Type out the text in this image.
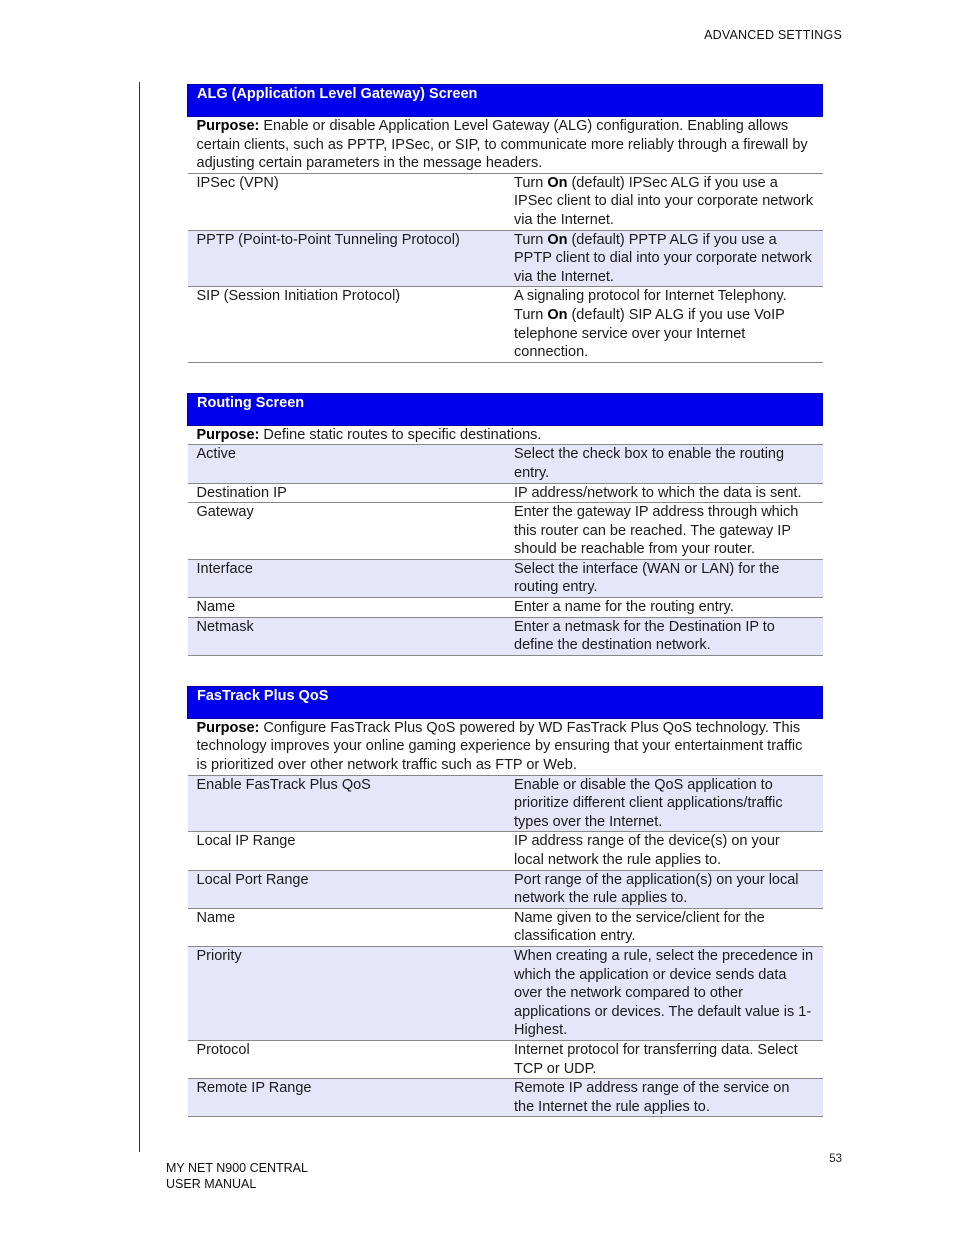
ADVANCED SETTINGS
ALG (Application Level Gateway) Screen	
Purpose: Enable or disable Application Level Gateway (ALG) configuration. Enabling allows certain clients, such as PPTP, IPSec, or SIP, to communicate more reliably through a firewall by adjusting certain parameters in the message headers.	
IPSec (VPN)	Turn On (default) IPSec ALG if you use a IPSec client to dial into your corporate network via the Internet.
PPTP (Point-to-Point Tunneling Protocol)	Turn On (default) PPTP ALG if you use a PPTP client to dial into your corporate network via the Internet.
SIP (Session Initiation Protocol)	A signaling protocol for Internet Telephony. Turn On (default) SIP ALG if you use VoIP telephone service over your Internet connection.
Routing Screen	
Purpose: Define static routes to specific destinations.	
Active	Select the check box to enable the routing entry.
Destination IP	IP address/network to which the data is sent.
Gateway	Enter the gateway IP address through which this router can be reached. The gateway IP should be reachable from your router.
Interface	Select the interface (WAN or LAN) for the routing entry.
Name	Enter a name for the routing entry.
Netmask	Enter a netmask for the Destination IP to define the destination network.
FasTrack Plus QoS	
Purpose: Configure FasTrack Plus QoS powered by WD FasTrack Plus QoS technology. This technology improves your online gaming experience by ensuring that your entertainment traffic is prioritized over other network traffic such as FTP or Web.	
Enable FasTrack Plus QoS	Enable or disable the QoS application to prioritize different client applications/traffic types over the Internet.
Local IP Range	IP address range of the device(s) on your local network the rule applies to.
Local Port Range	Port range of the application(s) on your local network the rule applies to.
Name	Name given to the service/client for the classification entry.
Priority	When creating a rule, select the precedence in which the application or device sends data over the network compared to other applications or devices. The default value is 1-Highest.
Protocol	Internet protocol for transferring data. Select TCP or UDP.
Remote IP Range	Remote IP address range of the service on the Internet the rule applies to.
MY NET N900 CENTRAL
USER MANUAL
53
